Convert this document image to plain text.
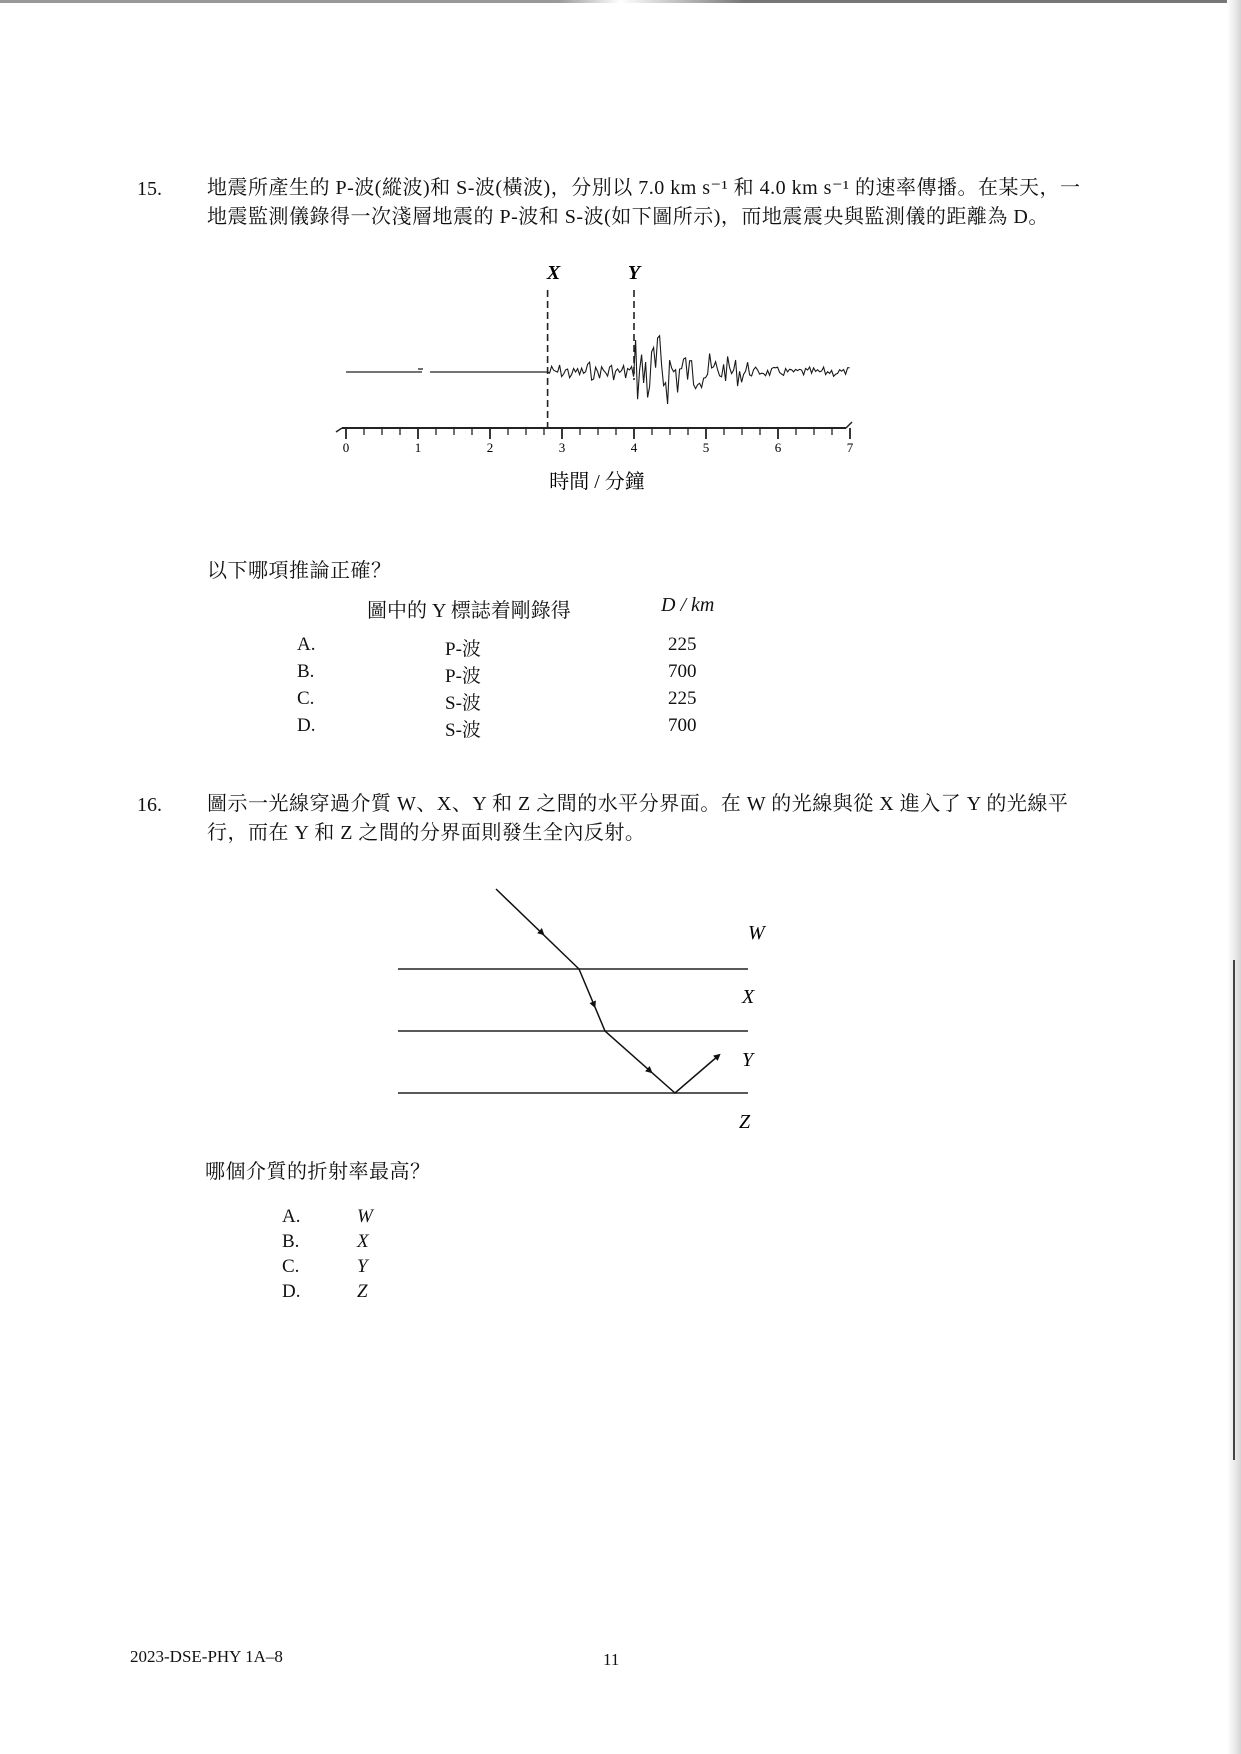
15. 地震所產生的 P-波(縱波)和 S-波(橫波)，分別以 7.0 km s⁻¹ 和 4.0 km s⁻¹ 的速率傳播。在某天，一地震監測儀錄得一次淺層地震的 P-波和 S-波(如下圖所示)，而地震震央與監測儀的距離為 D。
X	Y
0	1	2	3	4	5	6	7
時間 / 分鐘
以下哪項推論正確？
圖中的 Y 標誌着剛錄得	D / km
A.	P-波	225
B.	P-波	700
C.	S-波	225
D.	S-波	700
16. 圖示一光線穿過介質 W、X、Y 和 Z 之間的水平分界面。在 W 的光線與從 X 進入了 Y 的光線平行，而在 Y 和 Z 之間的分界面則發生全內反射。
W
X
Y
Z
哪個介質的折射率最高？
A.	W
B.	X
C.	Y
D.	Z
2023-DSE-PHY 1A–8	11
